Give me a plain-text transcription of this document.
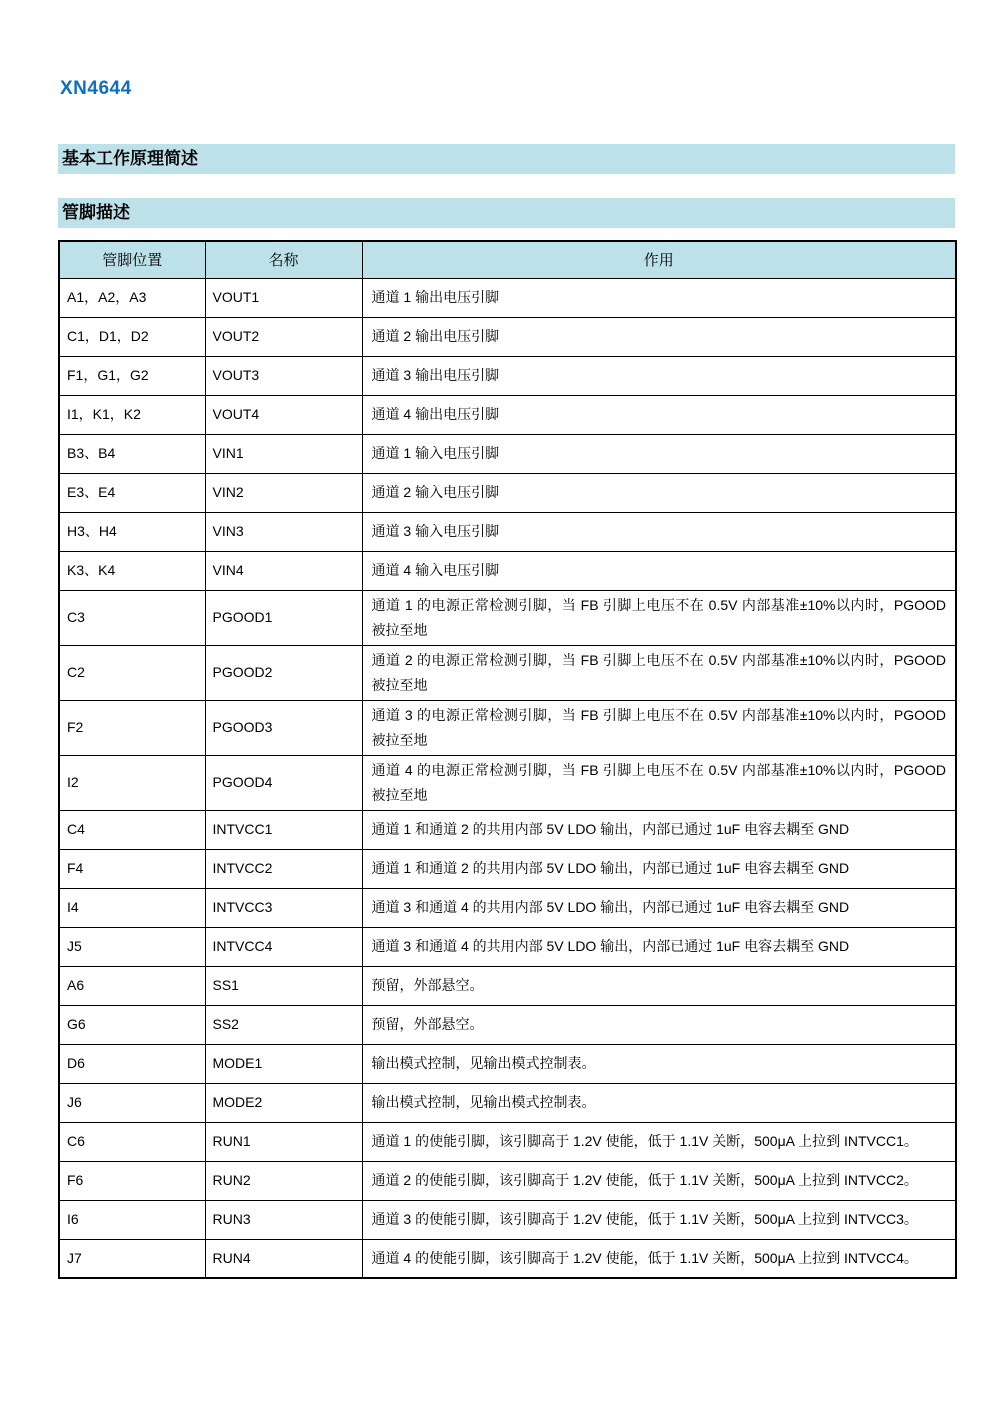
XN4644
基本工作原理简述
管脚描述
管脚位置	名称	作用
A1，A2，A3	VOUT1	通道 1 输出电压引脚
C1，D1，D2	VOUT2	通道 2 输出电压引脚
F1，G1，G2	VOUT3	通道 3 输出电压引脚
I1，K1，K2	VOUT4	通道 4 输出电压引脚
B3、B4	VIN1	通道 1 输入电压引脚
E3、E4	VIN2	通道 2 输入电压引脚
H3、H4	VIN3	通道 3 输入电压引脚
K3、K4	VIN4	通道 4 输入电压引脚
C3	PGOOD1	通道 1 的电源正常检测引脚，当 FB 引脚上电压不在 0.5V 内部基准±10%以内时，PGOOD 被拉至地
C2	PGOOD2	通道 2 的电源正常检测引脚，当 FB 引脚上电压不在 0.5V 内部基准±10%以内时，PGOOD 被拉至地
F2	PGOOD3	通道 3 的电源正常检测引脚，当 FB 引脚上电压不在 0.5V 内部基准±10%以内时，PGOOD 被拉至地
I2	PGOOD4	通道 4 的电源正常检测引脚，当 FB 引脚上电压不在 0.5V 内部基准±10%以内时，PGOOD 被拉至地
C4	INTVCC1	通道 1 和通道 2 的共用内部 5V LDO 输出，内部已通过 1uF 电容去耦至 GND
F4	INTVCC2	通道 1 和通道 2 的共用内部 5V LDO 输出，内部已通过 1uF 电容去耦至 GND
I4	INTVCC3	通道 3 和通道 4 的共用内部 5V LDO 输出，内部已通过 1uF 电容去耦至 GND
J5	INTVCC4	通道 3 和通道 4 的共用内部 5V LDO 输出，内部已通过 1uF 电容去耦至 GND
A6	SS1	预留，外部悬空。
G6	SS2	预留，外部悬空。
D6	MODE1	输出模式控制，见输出模式控制表。
J6	MODE2	输出模式控制，见输出模式控制表。
C6	RUN1	通道 1 的使能引脚，该引脚高于 1.2V 使能，低于 1.1V 关断，500μA 上拉到 INTVCC1。
F6	RUN2	通道 2 的使能引脚，该引脚高于 1.2V 使能，低于 1.1V 关断，500μA 上拉到 INTVCC2。
I6	RUN3	通道 3 的使能引脚，该引脚高于 1.2V 使能，低于 1.1V 关断，500μA 上拉到 INTVCC3。
J7	RUN4	通道 4 的使能引脚，该引脚高于 1.2V 使能，低于 1.1V 关断，500μA 上拉到 INTVCC4。
